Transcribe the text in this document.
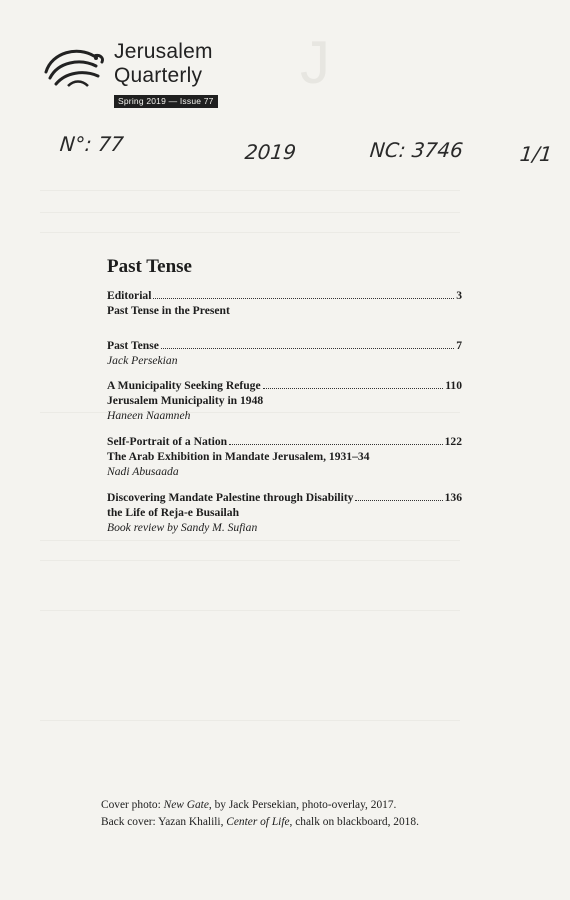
J
Jerusalem
Quarterly
Spring 2019 — Issue 77
N°: 77	2019	NC: 3746	1/1
Past Tense
Editorial	3
Past Tense in the Present
Past Tense	7
Jack Persekian
A Municipality Seeking Refuge	110
Jerusalem Municipality in 1948
Haneen Naamneh
Self-Portrait of a Nation	122
The Arab Exhibition in Mandate Jerusalem, 1931–34
Nadi Abusaada
Discovering Mandate Palestine through Disability	136
the Life of Reja-e Busailah
Book review by Sandy M. Sufian
Cover photo: New Gate, by Jack Persekian, photo-overlay, 2017.
Back cover: Yazan Khalili, Center of Life, chalk on blackboard, 2018.
